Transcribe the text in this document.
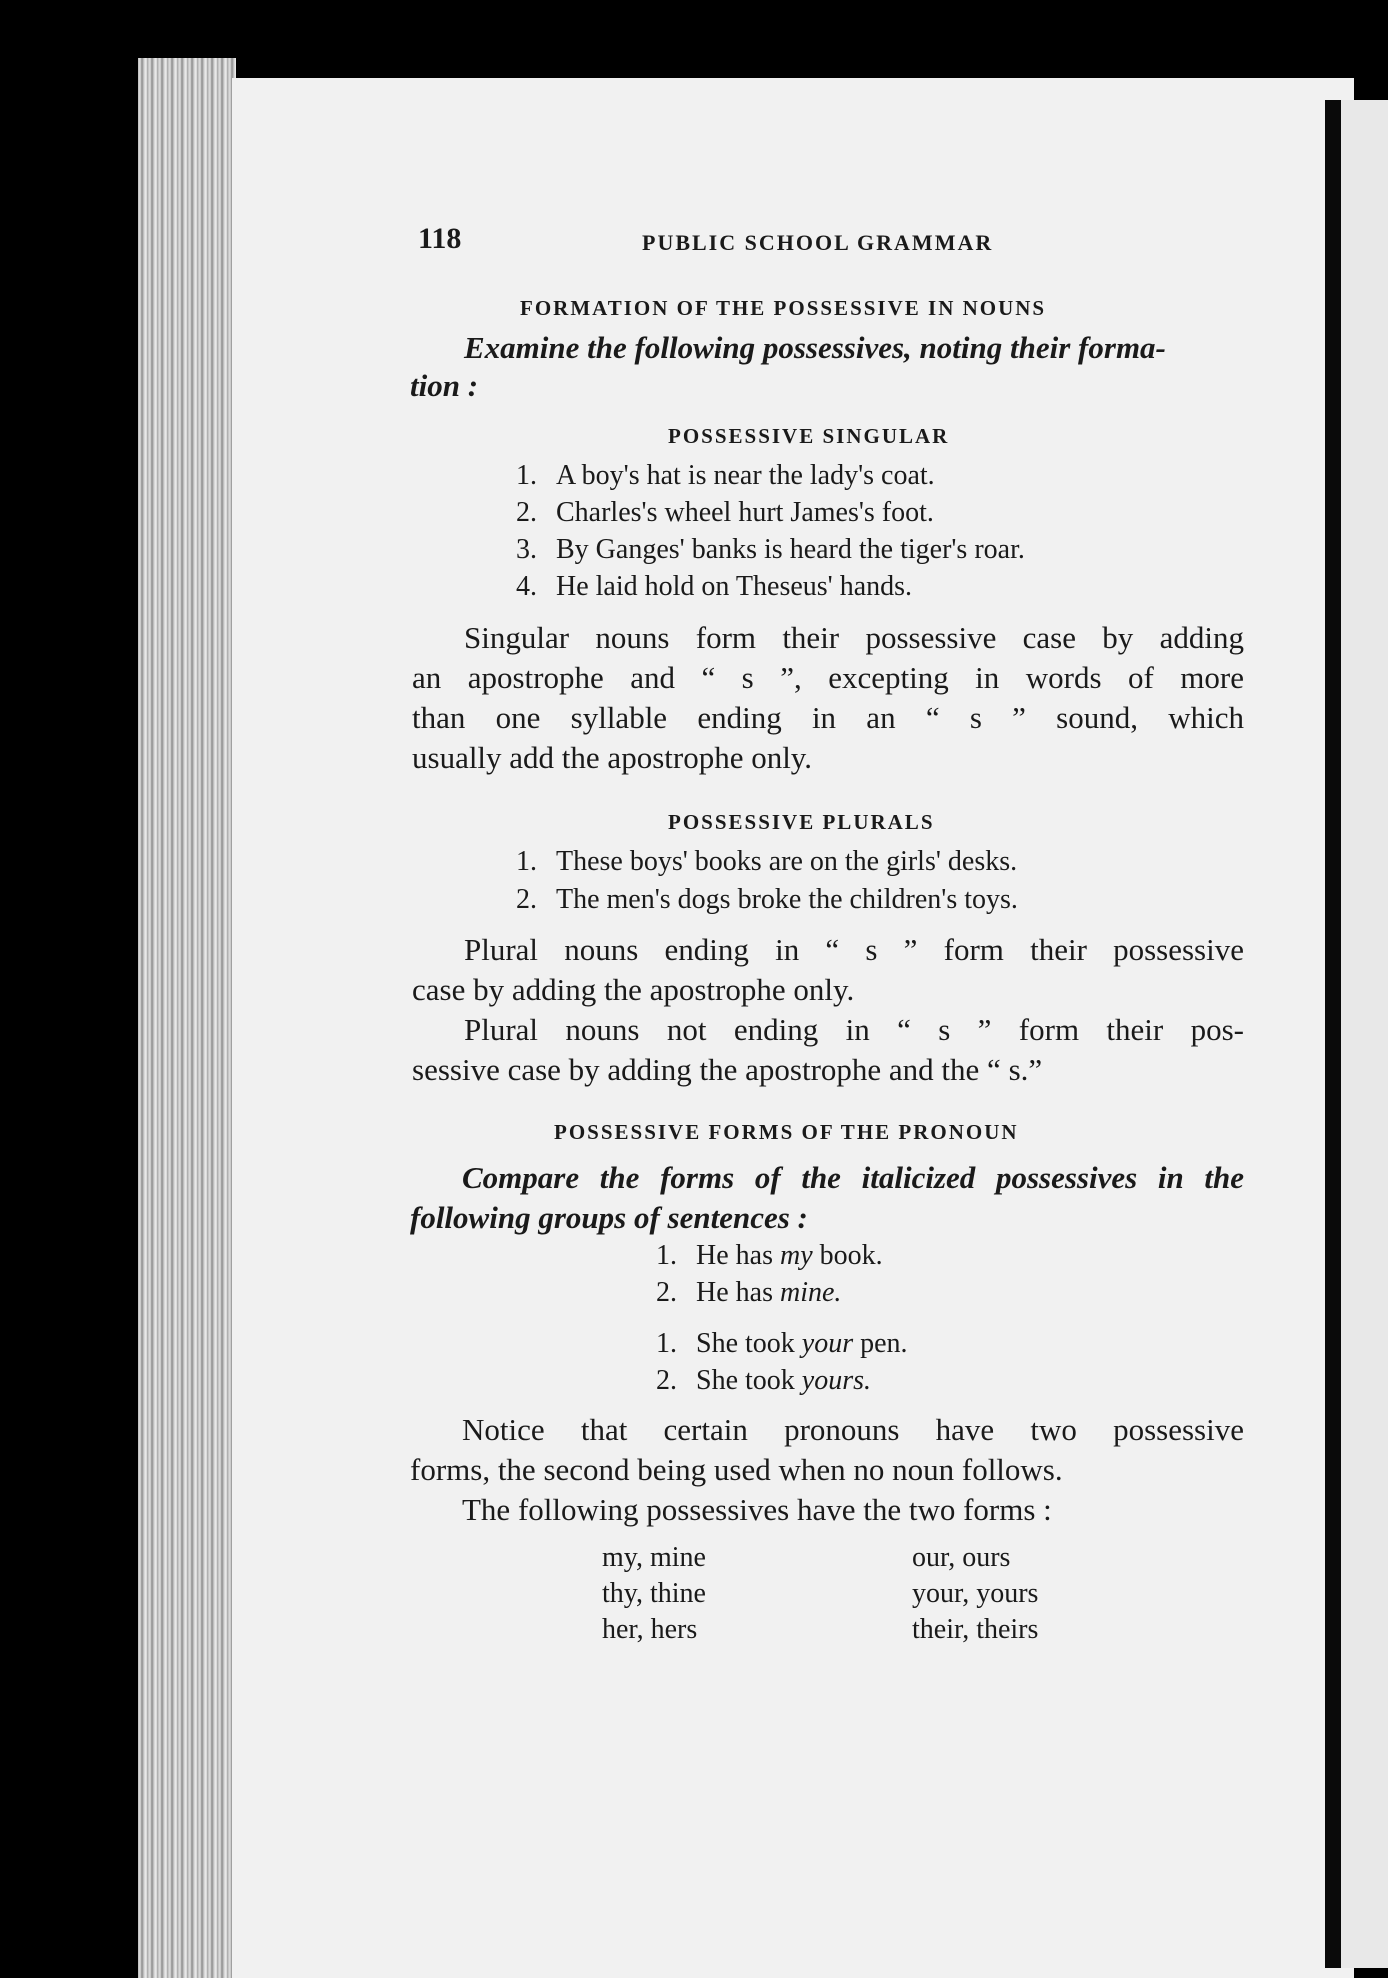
118	PUBLIC SCHOOL GRAMMAR
FORMATION OF THE POSSESSIVE IN NOUNS
Examine the following possessives, noting their forma-
tion :
POSSESSIVE SINGULAR
1. A boy's hat is near the lady's coat.
2. Charles's wheel hurt James's foot.
3. By Ganges' banks is heard the tiger's roar.
4. He laid hold on Theseus' hands.
Singular nouns form their possessive case by adding
an apostrophe and “ s ”, excepting in words of more
than one syllable ending in an “ s ” sound, which
usually add the apostrophe only.
POSSESSIVE PLURALS
1. These boys' books are on the girls' desks.
2. The men's dogs broke the children's toys.
Plural nouns ending in “ s ” form their possessive
case by adding the apostrophe only.
Plural nouns not ending in “ s ” form their pos-
sessive case by adding the apostrophe and the “ s.”
POSSESSIVE FORMS OF THE PRONOUN
Compare the forms of the italicized possessives in the
following groups of sentences :
1. He has my book.
2. He has mine.
1. She took your pen.
2. She took yours.
Notice that certain pronouns have two possessive
forms, the second being used when no noun follows.
The following possessives have the two forms :
my, mine
thy, thine
her, hers
our, ours
your, yours
their, theirs
